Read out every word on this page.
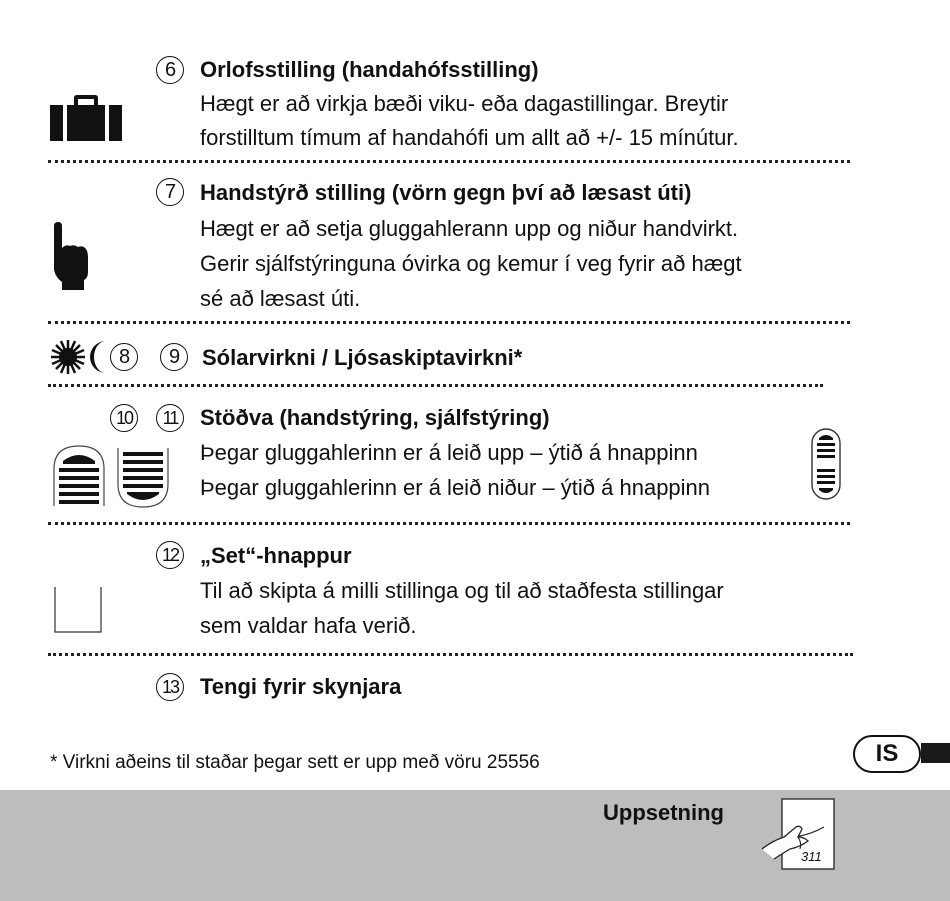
6	Orlofsstilling (handahófsstilling)
Hægt er að virkja bæði viku- eða dagastillingar. Breytir
forstilltum tímum af handahófi um allt að +/- 15 mínútur.
7	Handstýrð stilling (vörn gegn því að læsast úti)
Hægt er að setja gluggahlerann upp og niður handvirkt.
Gerir sjálfstýringuna óvirka og kemur í veg fyrir að hægt
sé að læsast úti.
8	9	Sólarvirkni / Ljósaskiptavirkni*
10	11	Stöðva (handstýring, sjálfstýring)
Þegar gluggahlerinn er á leið upp – ýtið á hnappinn
Þegar gluggahlerinn er á leið niður – ýtið á hnappinn
12 „Set“-hnappur
Til að skipta á milli stillinga og til að staðfesta stillingar
sem valdar hafa verið.
13 Tengi fyrir skynjara
* Virkni aðeins til staðar þegar sett er upp með vöru 25556	IS
Uppsetning
311
